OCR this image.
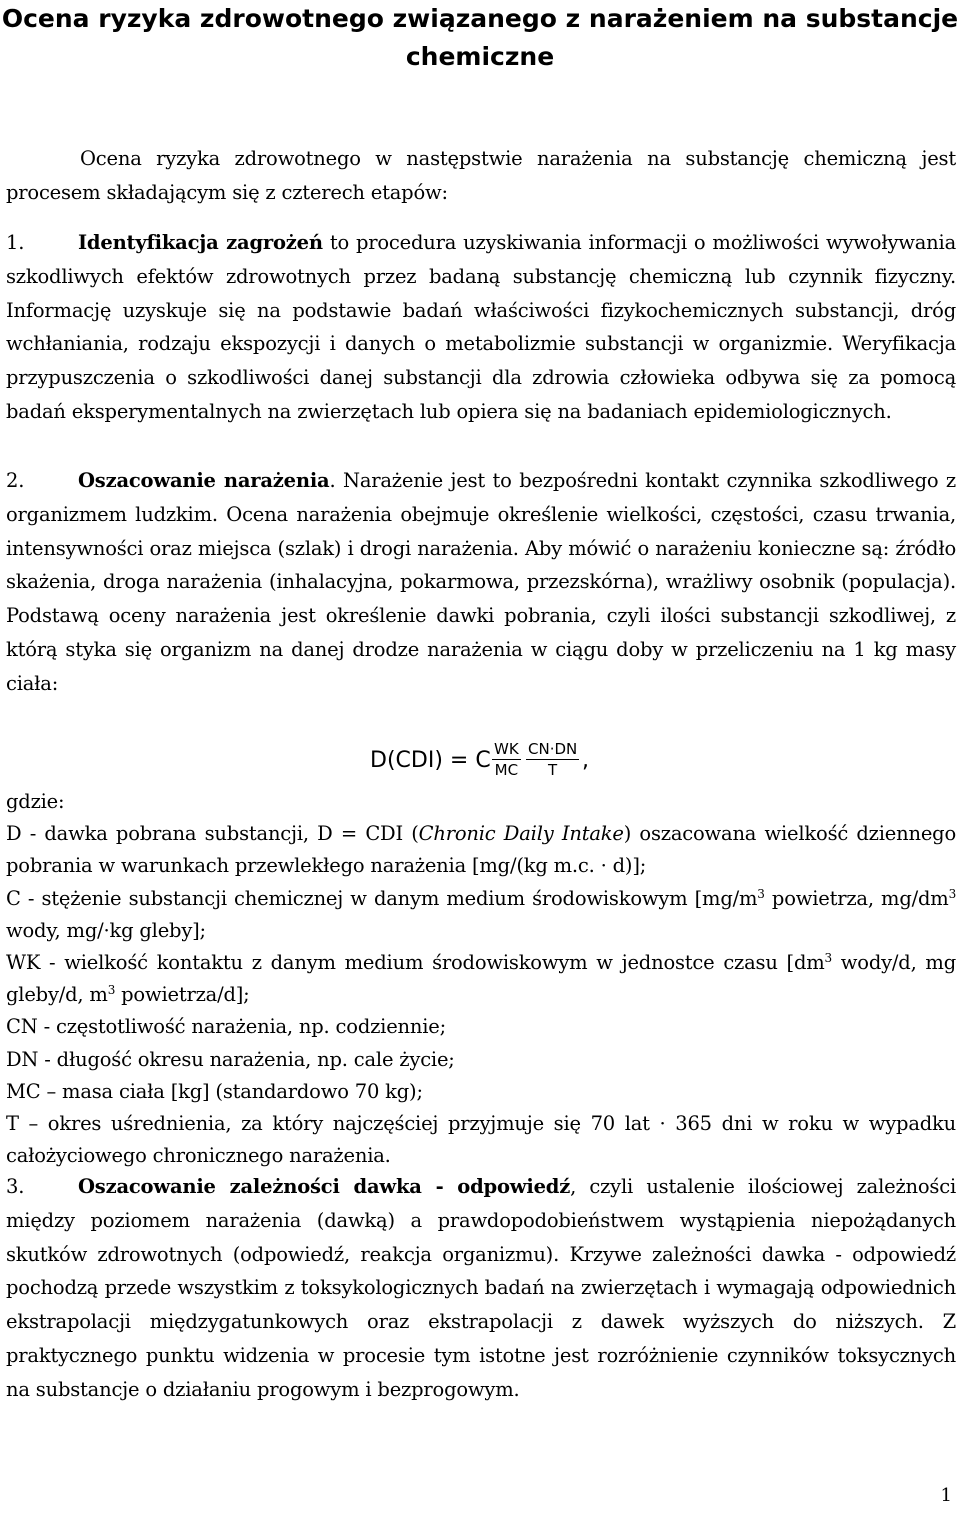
Ocena ryzyka zdrowotnego związanego z narażeniem na substancje chemiczne
Ocena ryzyka zdrowotnego w następstwie narażenia na substancję chemiczną jest procesem składającym się z czterech etapów:

1.	Identyfikacja zagrożeń to procedura uzyskiwania informacji o możliwości wywoływania szkodliwych efektów zdrowotnych przez badaną substancję chemiczną lub czynnik fizyczny. Informację uzyskuje się na podstawie badań właściwości fizykochemicznych substancji, dróg wchłaniania, rodzaju ekspozycji i danych o metabolizmie substancji w organizmie. Weryfikacja przypuszczenia o szkodliwości danej substancji dla zdrowia człowieka odbywa się za pomocą badań eksperymentalnych na zwierzętach lub opiera się na badaniach epidemiologicznych.

2.	Oszacowanie narażenia. Narażenie jest to bezpośredni kontakt czynnika szkodliwego z organizmem ludzkim. Ocena narażenia obejmuje określenie wielkości, częstości, czasu trwania, intensywności oraz miejsca (szlak) i drogi narażenia. Aby mówić o narażeniu konieczne są: źródło skażenia, droga narażenia (inhalacyjna, pokarmowa, przezskórna), wrażliwy osobnik (populacja). Podstawą oceny narażenia jest określenie dawki pobrania, czyli ilości substancji szkodliwej, z którą styka się organizm na danej drodze narażenia w ciągu doby w przeliczeniu na 1 kg masy ciała:

D(CDI) = C $\frac{WK}{MC} \frac{CN\cdot DN}{T}$ ,

gdzie:

D - dawka pobrana substancji, D = CDI (Chronic Daily Intake) oszacowana wielkość dziennego pobrania w warunkach przewlekłego narażenia [mg/(kg m.c. · d)];

C - stężenie substancji chemicznej w danym medium środowiskowym [$mg/m^3$ powietrza, $mg/dm^3$ wody, mg/·kg gleby];

WK - wielkość kontaktu z danym medium środowiskowym w jednostce czasu [$dm^3$ wody/d, mg gleby/d, $m^3$ powietrza/d];

CN - częstotliwość narażenia, np. codziennie;

DN - długość okresu narażenia, np. cale życie;

MC – masa ciała [kg] (standardowo 70 kg);

T – okres uśrednienia, za który najczęściej przyjmuje się 70 lat · 365 dni w roku w wypadku całożyciowego chronicznego narażenia.

3.	Oszacowanie zależności dawka - odpowiedź, czyli ustalenie ilościowej zależności między poziomem narażenia (dawką) a prawdopodobieństwem wystąpienia niepożądanych skutków zdrowotnych (odpowiedź, reakcja organizmu). Krzywe zależności dawka - odpowiedź pochodzą przede wszystkim z toksykologicznych badań na zwierzętach i wymagają odpowiednich ekstrapolacji międzygatunkowych oraz ekstrapolacji z dawek wyższych do niższych. Z praktycznego punktu widzenia w procesie tym istotne jest rozróżnienie czynników toksycznych na substancje o działaniu progowym i bezprogowym.

1
